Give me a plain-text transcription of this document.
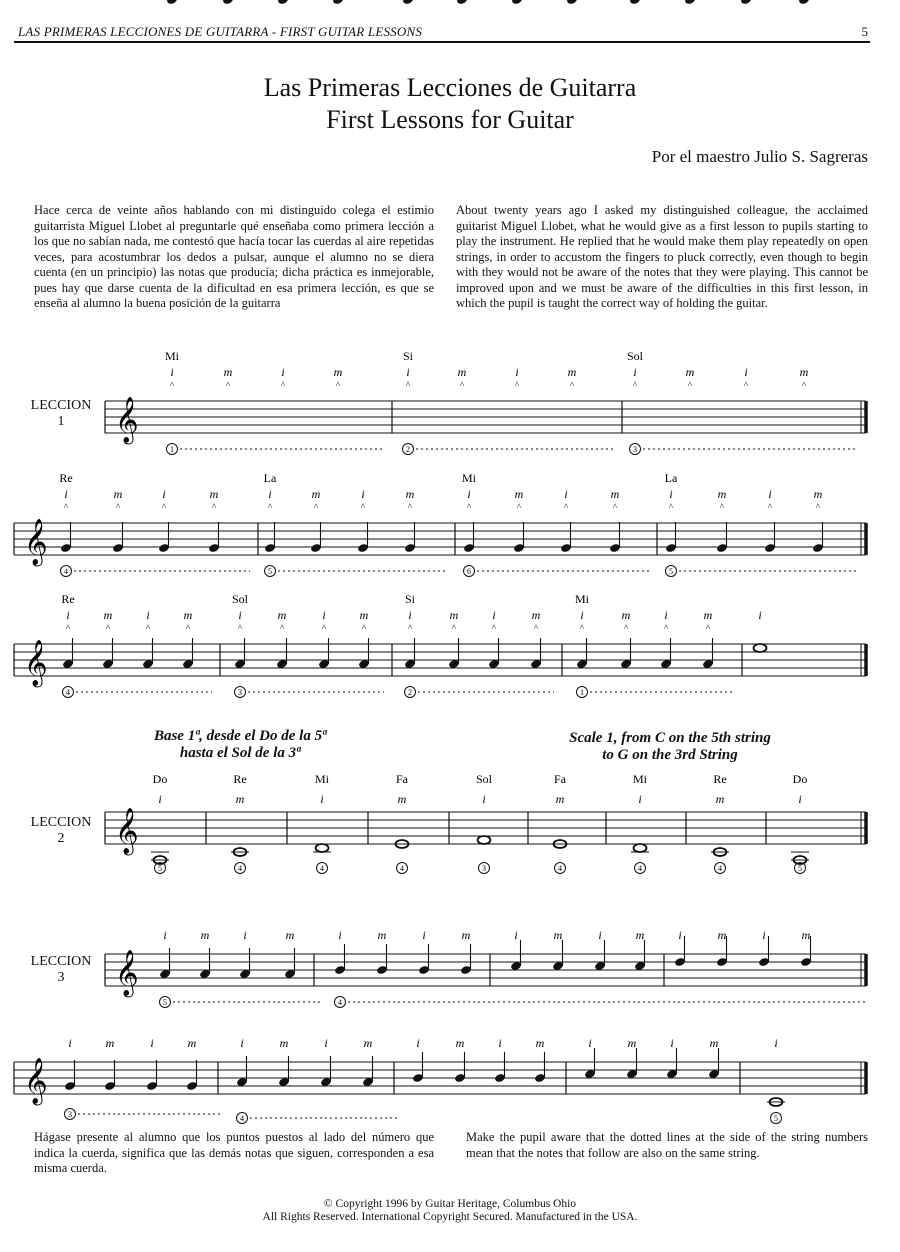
LAS PRIMERAS LECCIONES DE GUITARRA - FIRST GUITAR LESSONS	5
Las Primeras Lecciones de Guitarra
First Lessons for Guitar
Por el maestro Julio S. Sagreras
Hace cerca de veinte años hablando con mi distinguido colega el estimio guitarrista Miguel Llobet al preguntarle qué enseñaba como primera lección a los que no sabían nada, me contestó que hacía tocar las cuerdas al aire repetidas veces, para acostumbrar los dedos a pulsar, aunque el alumno no se diera cuenta (en un principio) las notas que producía; dicha práctica es inmejorable, pues hay que darse cuenta de la dificultad en esa primera lección, es que se enseña al alumno la buena posición de la guitarra
About twenty years ago I asked my distinguished colleague, the acclaimed guitarist Miguel Llobet, what he would give as a first lesson to pupils starting to play the instrument. He replied that he would make them play repeatedly on open strings, in order to accustom the fingers to pluck correctly, even though to begin with they would not be aware of the notes that they were playing. This cannot be improved upon and we must be aware of the difficulties in this first lesson, in which the pupil is taught the correct way of holding the guitar.
LECCION
1
LECCION
2
LECCION
3
Base 1ª, desde el Do de la 5ª
hasta el Sol de la 3ª
Scale 1, from C on the 5th string
to G on the 3rd String
𝄞
Mi
i
^
m
^
i
^
m
^
1
Si
i
^
m
^
i
^
m
^
2
Sol
i
^
m
^
i
^
m
^
3
𝄞
Re
i
^
m
^
i
^
m
^
4
La
i
^
m
^
i
^
m
^
5
Mi
i
^
m
^
i
^
m
^
6
La
i
^
m
^
i
^
m
^
5
𝄞
Re
i
^
m
^
i
^
m
^
4
Sol
i
^
m
^
i
^
m
^
3
Si
i
^
m
^
i
^
m
^
2
Mi
i
^
m
^
i
^
m
^
1
i
𝄞
Do
i
5
Re
m
4
Mi
i
4
Fa
m
4
Sol
i
3
Fa
m
4
Mi
i
4
Re
m
4
Do
i
5
𝄞
i	m	i	m	i	m	i	m	i	m	i	m	i	m	i	m
5	4
𝄞
i	m	i	m	i	m	i	m	i	m	i	m	i	m	i	m	i
3	4	5
Hágase presente al alumno que los puntos puestos al lado del número que indica la cuerda, significa que las demás notas que siguen, corresponden a esa misma cuerda.
Make the pupil aware that the dotted lines at the side of the string numbers mean that the notes that follow are also on the same string.
© Copyright 1996 by Guitar Heritage, Columbus Ohio
All Rights Reserved. International Copyright Secured. Manufactured in the USA.
